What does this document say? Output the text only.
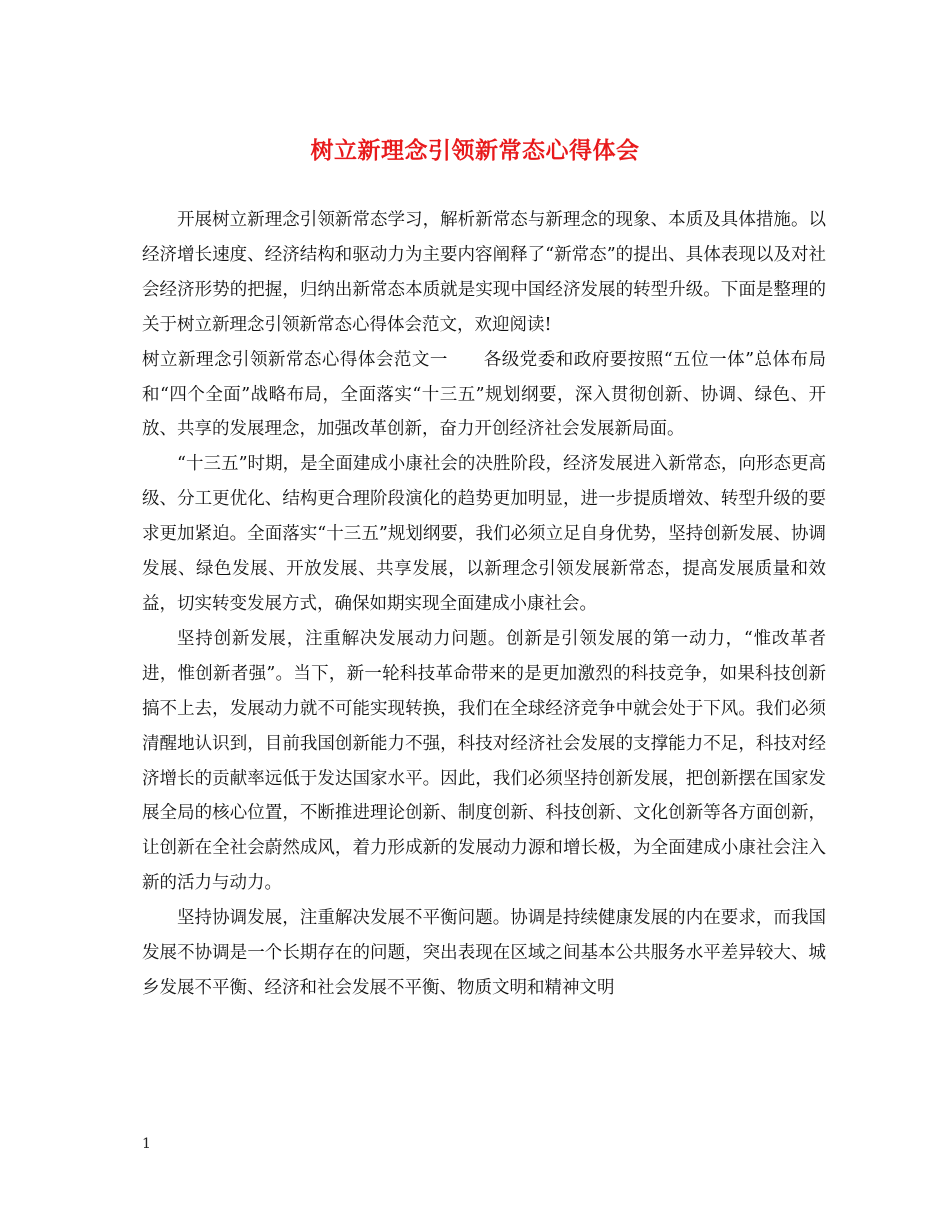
树立新理念引领新常态心得体会

开展树立新理念引领新常态学习，解析新常态与新理念的现象、本质及具体措施。以经济增长速度、经济结构和驱动力为主要内容阐释了“新常态”的提出、具体表现以及对社会经济形势的把握，归纳出新常态本质就是实现中国经济发展的转型升级。下面是整理的关于树立新理念引领新常态心得体会范文，欢迎阅读!

树立新理念引领新常态心得体会范文一　　各级党委和政府要按照“五位一体”总体布局和“四个全面”战略布局，全面落实“十三五”规划纲要，深入贯彻创新、协调、绿色、开放、共享的发展理念，加强改革创新，奋力开创经济社会发展新局面。

“十三五”时期，是全面建成小康社会的决胜阶段，经济发展进入新常态，向形态更高级、分工更优化、结构更合理阶段演化的趋势更加明显，进一步提质增效、转型升级的要求更加紧迫。全面落实“十三五”规划纲要，我们必须立足自身优势，坚持创新发展、协调发展、绿色发展、开放发展、共享发展，以新理念引领发展新常态，提高发展质量和效益，切实转变发展方式，确保如期实现全面建成小康社会。

坚持创新发展，注重解决发展动力问题。创新是引领发展的第一动力，“惟改革者进，惟创新者强”。当下，新一轮科技革命带来的是更加激烈的科技竞争，如果科技创新搞不上去，发展动力就不可能实现转换，我们在全球经济竞争中就会处于下风。我们必须清醒地认识到，目前我国创新能力不强，科技对经济社会发展的支撑能力不足，科技对经济增长的贡献率远低于发达国家水平。因此，我们必须坚持创新发展，把创新摆在国家发展全局的核心位置，不断推进理论创新、制度创新、科技创新、文化创新等各方面创新，让创新在全社会蔚然成风，着力形成新的发展动力源和增长极，为全面建成小康社会注入新的活力与动力。

坚持协调发展，注重解决发展不平衡问题。协调是持续健康发展的内在要求，而我国发展不协调是一个长期存在的问题，突出表现在区域之间基本公共服务水平差异较大、城乡发展不平衡、经济和社会发展不平衡、物质文明和精神文明

1
